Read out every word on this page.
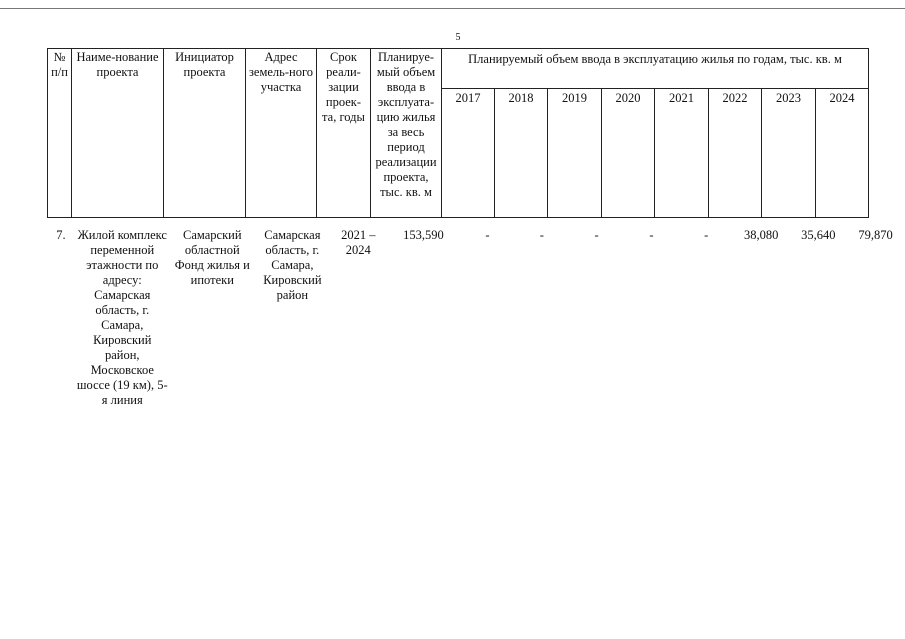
5
№ п/п	Наиме-нование проекта	Инициатор проекта	Адрес земель-ного участка	Срок реали-зации проек-та, годы	Планируе-мый объем ввода в эксплуата-цию жилья за весь период реализации проекта, тыс. кв. м	Планируемый объем ввода в эксплуатацию жилья по годам, тыс. кв. м							
						2017	2018	2019	2020	2021	2022	2023	2024
7.	Жилой комплекс переменной этажности по адресу: Самарская область, г. Самара, Кировский район, Московское шоссе (19 км), 5-я линия	Самарский областной Фонд жилья и ипотеки	Самарская область, г. Самара, Кировский район	2021 – 2024	153,590	-	-	-	-	-	38,080	35,640	79,870
